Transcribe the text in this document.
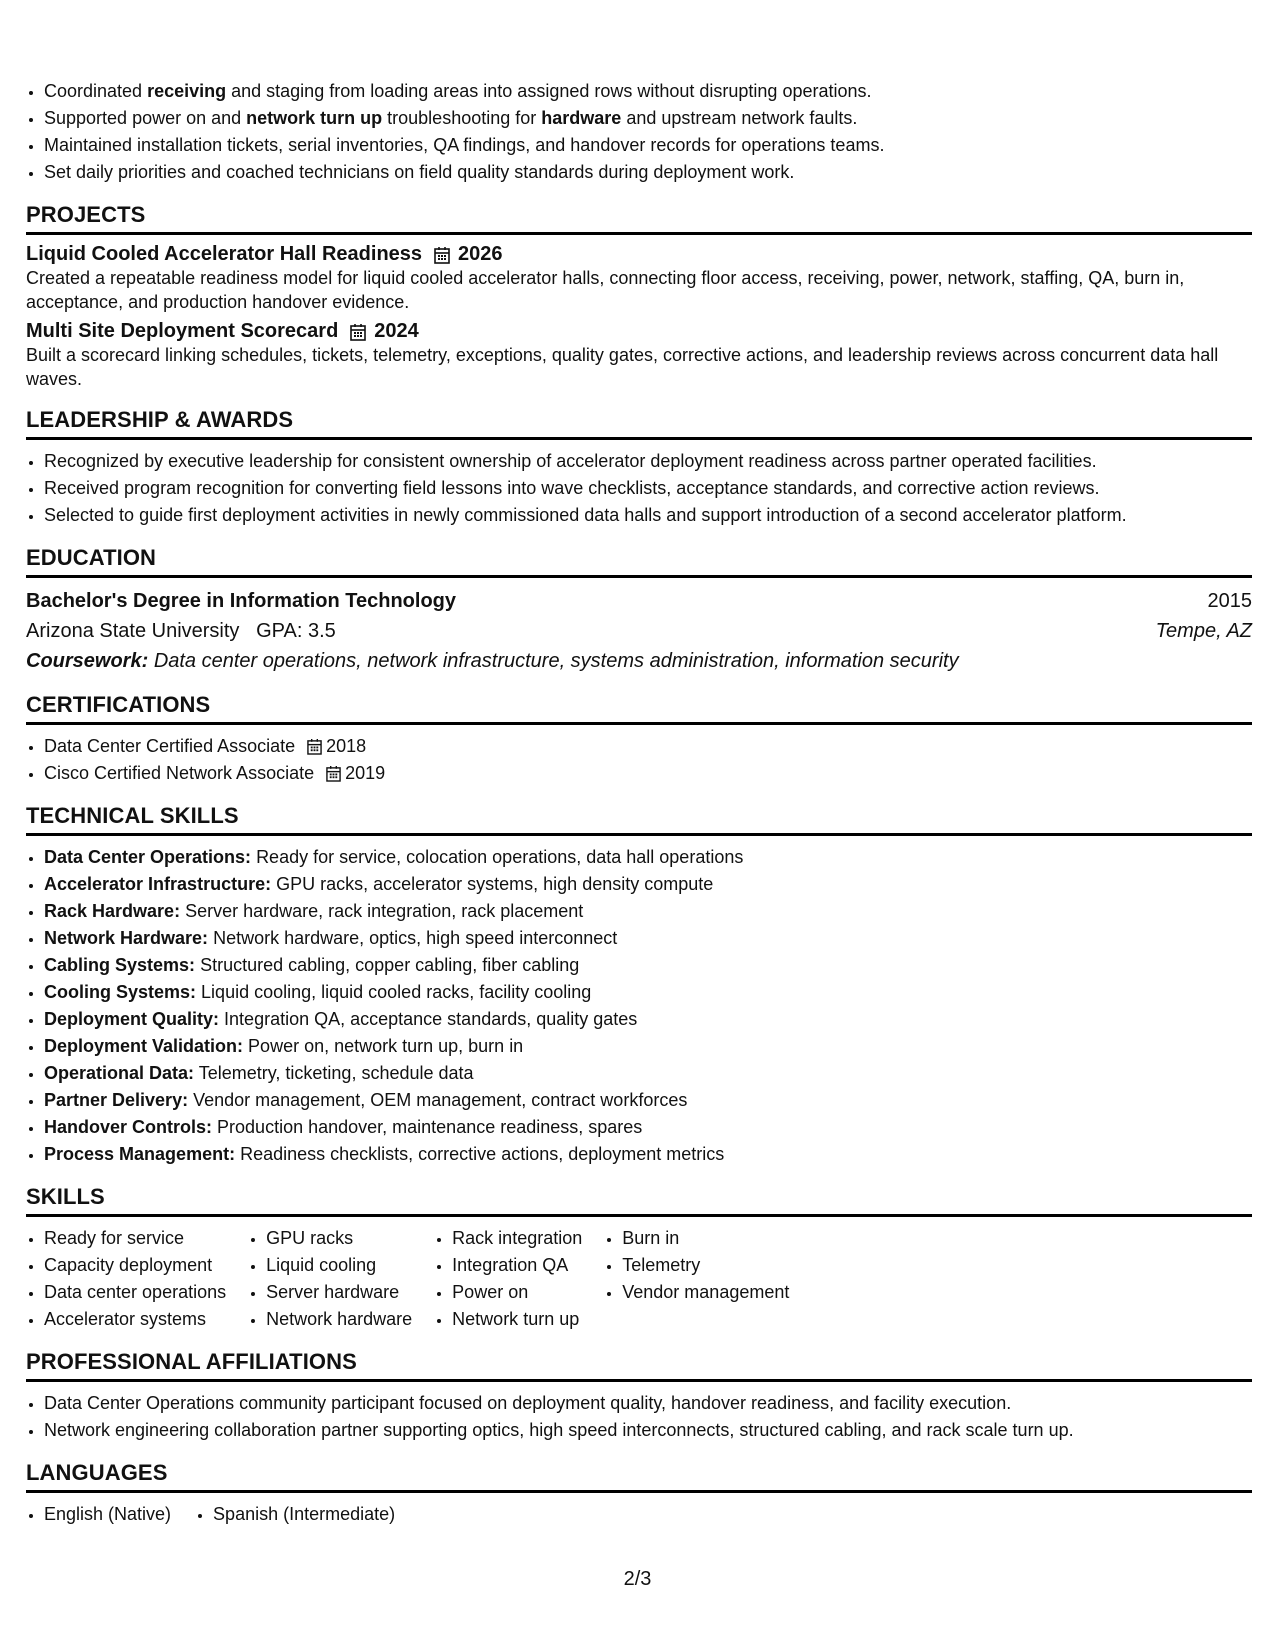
• Coordinated receiving and staging from loading areas into assigned rows without disrupting operations.
• Supported power on and network turn up troubleshooting for hardware and upstream network faults.
• Maintained installation tickets, serial inventories, QA findings, and handover records for operations teams.
• Set daily priorities and coached technicians on field quality standards during deployment work.
PROJECTS
Liquid Cooled Accelerator Hall Readiness 2026
Created a repeatable readiness model for liquid cooled accelerator halls, connecting floor access, receiving, power, network, staffing, QA, burn in, acceptance, and production handover evidence.
Multi Site Deployment Scorecard 2024
Built a scorecard linking schedules, tickets, telemetry, exceptions, quality gates, corrective actions, and leadership reviews across concurrent data hall waves.
LEADERSHIP & AWARDS
• Recognized by executive leadership for consistent ownership of accelerator deployment readiness across partner operated facilities.
• Received program recognition for converting field lessons into wave checklists, acceptance standards, and corrective action reviews.
• Selected to guide first deployment activities in newly commissioned data halls and support introduction of a second accelerator platform.
EDUCATION
Bachelor's Degree in Information Technology	2015
Arizona State University GPA: 3.5	Tempe, AZ
Coursework: Data center operations, network infrastructure, systems administration, information security
CERTIFICATIONS
• Data Center Certified Associate 2018
• Cisco Certified Network Associate 2019
TECHNICAL SKILLS
• Data Center Operations: Ready for service, colocation operations, data hall operations
• Accelerator Infrastructure: GPU racks, accelerator systems, high density compute
• Rack Hardware: Server hardware, rack integration, rack placement
• Network Hardware: Network hardware, optics, high speed interconnect
• Cabling Systems: Structured cabling, copper cabling, fiber cabling
• Cooling Systems: Liquid cooling, liquid cooled racks, facility cooling
• Deployment Quality: Integration QA, acceptance standards, quality gates
• Deployment Validation: Power on, network turn up, burn in
• Operational Data: Telemetry, ticketing, schedule data
• Partner Delivery: Vendor management, OEM management, contract workforces
• Handover Controls: Production handover, maintenance readiness, spares
• Process Management: Readiness checklists, corrective actions, deployment metrics
SKILLS
• Ready for service
• Capacity deployment
• Data center operations
• Accelerator systems
• GPU racks
• Liquid cooling
• Server hardware
• Network hardware
• Rack integration
• Integration QA
• Power on
• Network turn up
• Burn in
• Telemetry
• Vendor management
PROFESSIONAL AFFILIATIONS
• Data Center Operations community participant focused on deployment quality, handover readiness, and facility execution.
• Network engineering collaboration partner supporting optics, high speed interconnects, structured cabling, and rack scale turn up.
LANGUAGES
• English (Native)
• Spanish (Intermediate)
2/3
